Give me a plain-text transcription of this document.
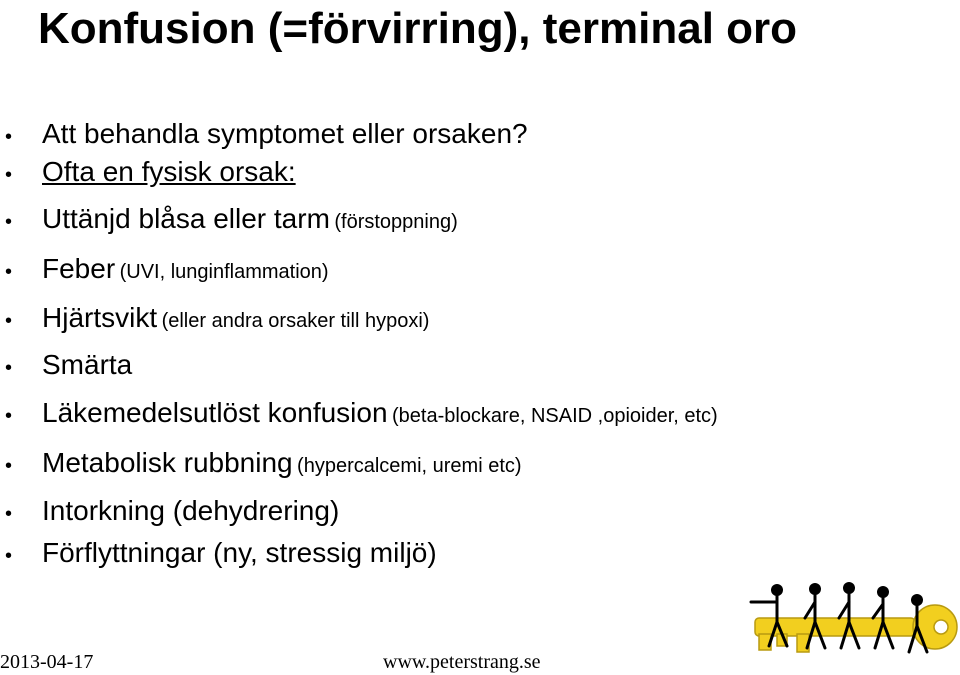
Konfusion (=förvirring), terminal oro
• Att behandla symptomet eller orsaken?
• Ofta en fysisk orsak:
• Uttänjd blåsa eller tarm (förstoppning)
• Feber (UVI, lunginflammation)
• Hjärtsvikt (eller andra orsaker till hypoxi)
• Smärta
• Läkemedelsutlöst konfusion (beta-blockare, NSAID ,opioider, etc)
• Metabolisk rubbning (hypercalcemi, uremi etc)
• Intorkning (dehydrering)
• Förflyttningar (ny, stressig miljö)
2013-04-17	www.peterstrang.se
